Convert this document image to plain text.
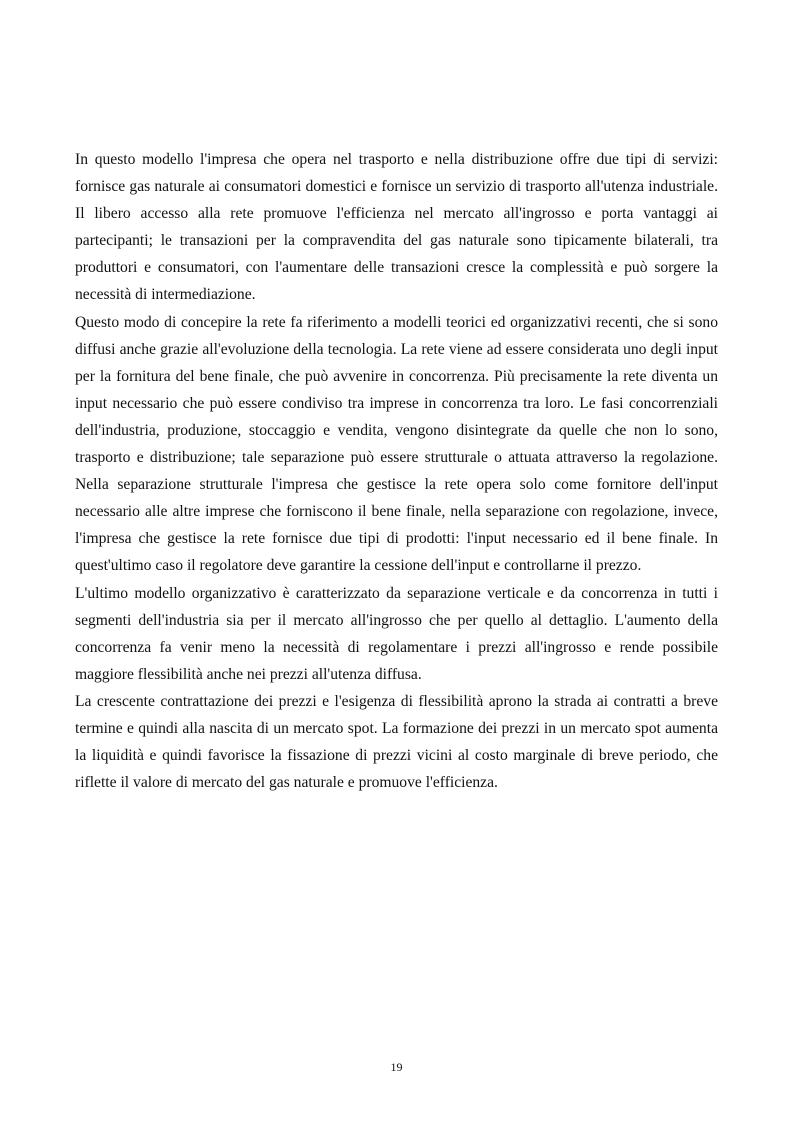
In questo modello l'impresa che opera nel trasporto e nella distribuzione offre due tipi di servizi: fornisce gas naturale ai consumatori domestici e fornisce un servizio di trasporto all'utenza industriale. Il libero accesso alla rete promuove l'efficienza nel mercato all'ingrosso e porta vantaggi ai partecipanti; le transazioni per la compravendita del gas naturale sono tipicamente bilaterali, tra produttori e consumatori, con l'aumentare delle transazioni cresce la complessità e può sorgere la necessità di intermediazione.

Questo modo di concepire la rete fa riferimento a modelli teorici ed organizzativi recenti, che si sono diffusi anche grazie all'evoluzione della tecnologia. La rete viene ad essere considerata uno degli input per la fornitura del bene finale, che può avvenire in concorrenza. Più precisamente la rete diventa un input necessario che può essere condiviso tra imprese in concorrenza tra loro. Le fasi concorrenziali dell'industria, produzione, stoccaggio e vendita, vengono disintegrate da quelle che non lo sono, trasporto e distribuzione; tale separazione può essere strutturale o attuata attraverso la regolazione. Nella separazione strutturale l'impresa che gestisce la rete opera solo come fornitore dell'input necessario alle altre imprese che forniscono il bene finale, nella separazione con regolazione, invece, l'impresa che gestisce la rete fornisce due tipi di prodotti: l'input necessario ed il bene finale. In quest'ultimo caso il regolatore deve garantire la cessione dell'input e controllarne il prezzo.

L'ultimo modello organizzativo è caratterizzato da separazione verticale e da concorrenza in tutti i segmenti dell'industria sia per il mercato all'ingrosso che per quello al dettaglio. L'aumento della concorrenza fa venir meno la necessità di regolamentare i prezzi all'ingrosso e rende possibile maggiore flessibilità anche nei prezzi all'utenza diffusa.

La crescente contrattazione dei prezzi e l'esigenza di flessibilità aprono la strada ai contratti a breve termine e quindi alla nascita di un mercato spot. La formazione dei prezzi in un mercato spot aumenta la liquidità e quindi favorisce la fissazione di prezzi vicini al costo marginale di breve periodo, che riflette il valore di mercato del gas naturale e promuove l'efficienza.

19
